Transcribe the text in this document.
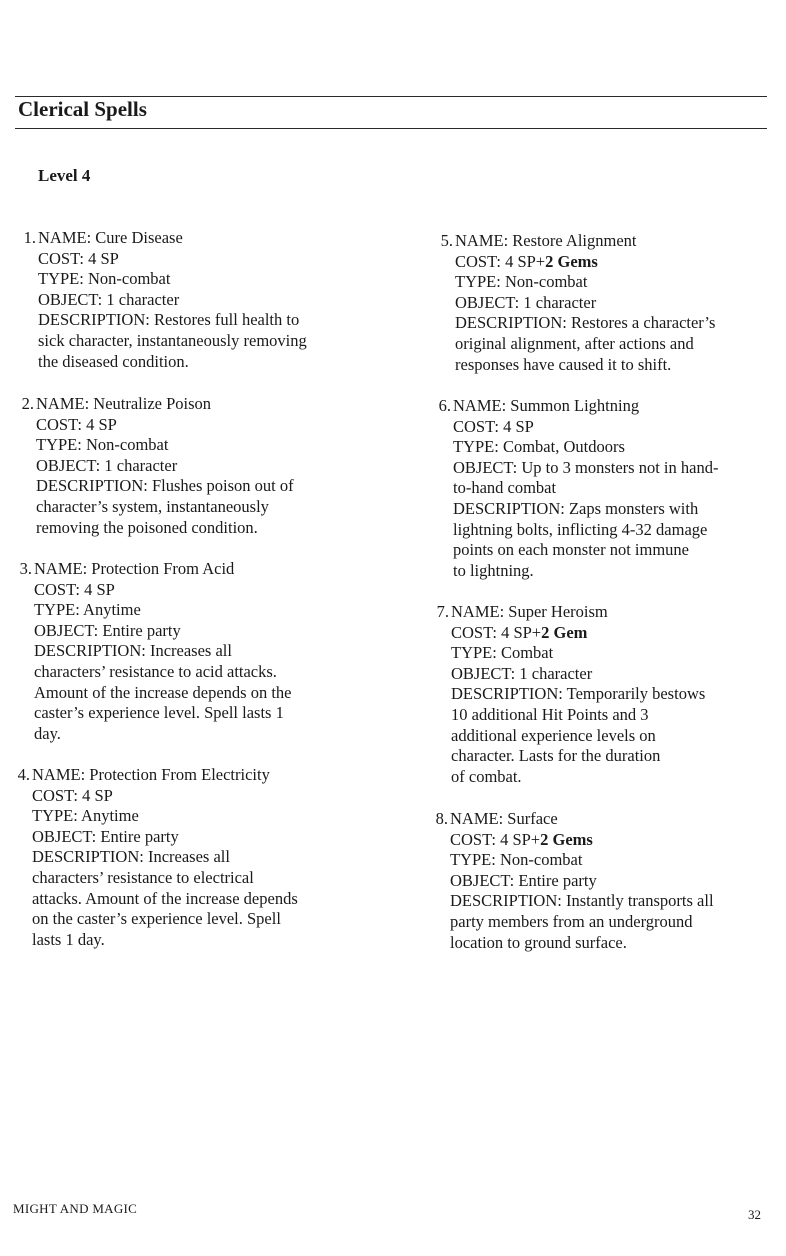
Clerical Spells
Level 4
1. NAME: Cure Disease
COST: 4 SP
TYPE: Non-combat
OBJECT: 1 character
DESCRIPTION: Restores full health to
sick character, instantaneously removing
the diseased condition.
2. NAME: Neutralize Poison
COST: 4 SP
TYPE: Non-combat
OBJECT: 1 character
DESCRIPTION: Flushes poison out of
character’s system, instantaneously
removing the poisoned condition.
3. NAME: Protection From Acid
COST: 4 SP
TYPE: Anytime
OBJECT: Entire party
DESCRIPTION: Increases all
characters’ resistance to acid attacks.
Amount of the increase depends on the
caster’s experience level. Spell lasts 1
day.
4. NAME: Protection From Electricity
COST: 4 SP
TYPE: Anytime
OBJECT: Entire party
DESCRIPTION: Increases all
characters’ resistance to electrical
attacks. Amount of the increase depends
on the caster’s experience level. Spell
lasts 1 day.
5. NAME: Restore Alignment
COST: 4 SP+2 Gems
TYPE: Non-combat
OBJECT: 1 character
DESCRIPTION: Restores a character’s
original alignment, after actions and
responses have caused it to shift.
6. NAME: Summon Lightning
COST: 4 SP
TYPE: Combat, Outdoors
OBJECT: Up to 3 monsters not in hand-
to-hand combat
DESCRIPTION: Zaps monsters with
lightning bolts, inflicting 4-32 damage
points on each monster not immune
to lightning.
7. NAME: Super Heroism
COST: 4 SP+2 Gem
TYPE: Combat
OBJECT: 1 character
DESCRIPTION: Temporarily bestows
10 additional Hit Points and 3
additional experience levels on
character. Lasts for the duration
of combat.
8. NAME: Surface
COST: 4 SP+2 Gems
TYPE: Non-combat
OBJECT: Entire party
DESCRIPTION: Instantly transports all
party members from an underground
location to ground surface.
MIGHT AND MAGIC	32
